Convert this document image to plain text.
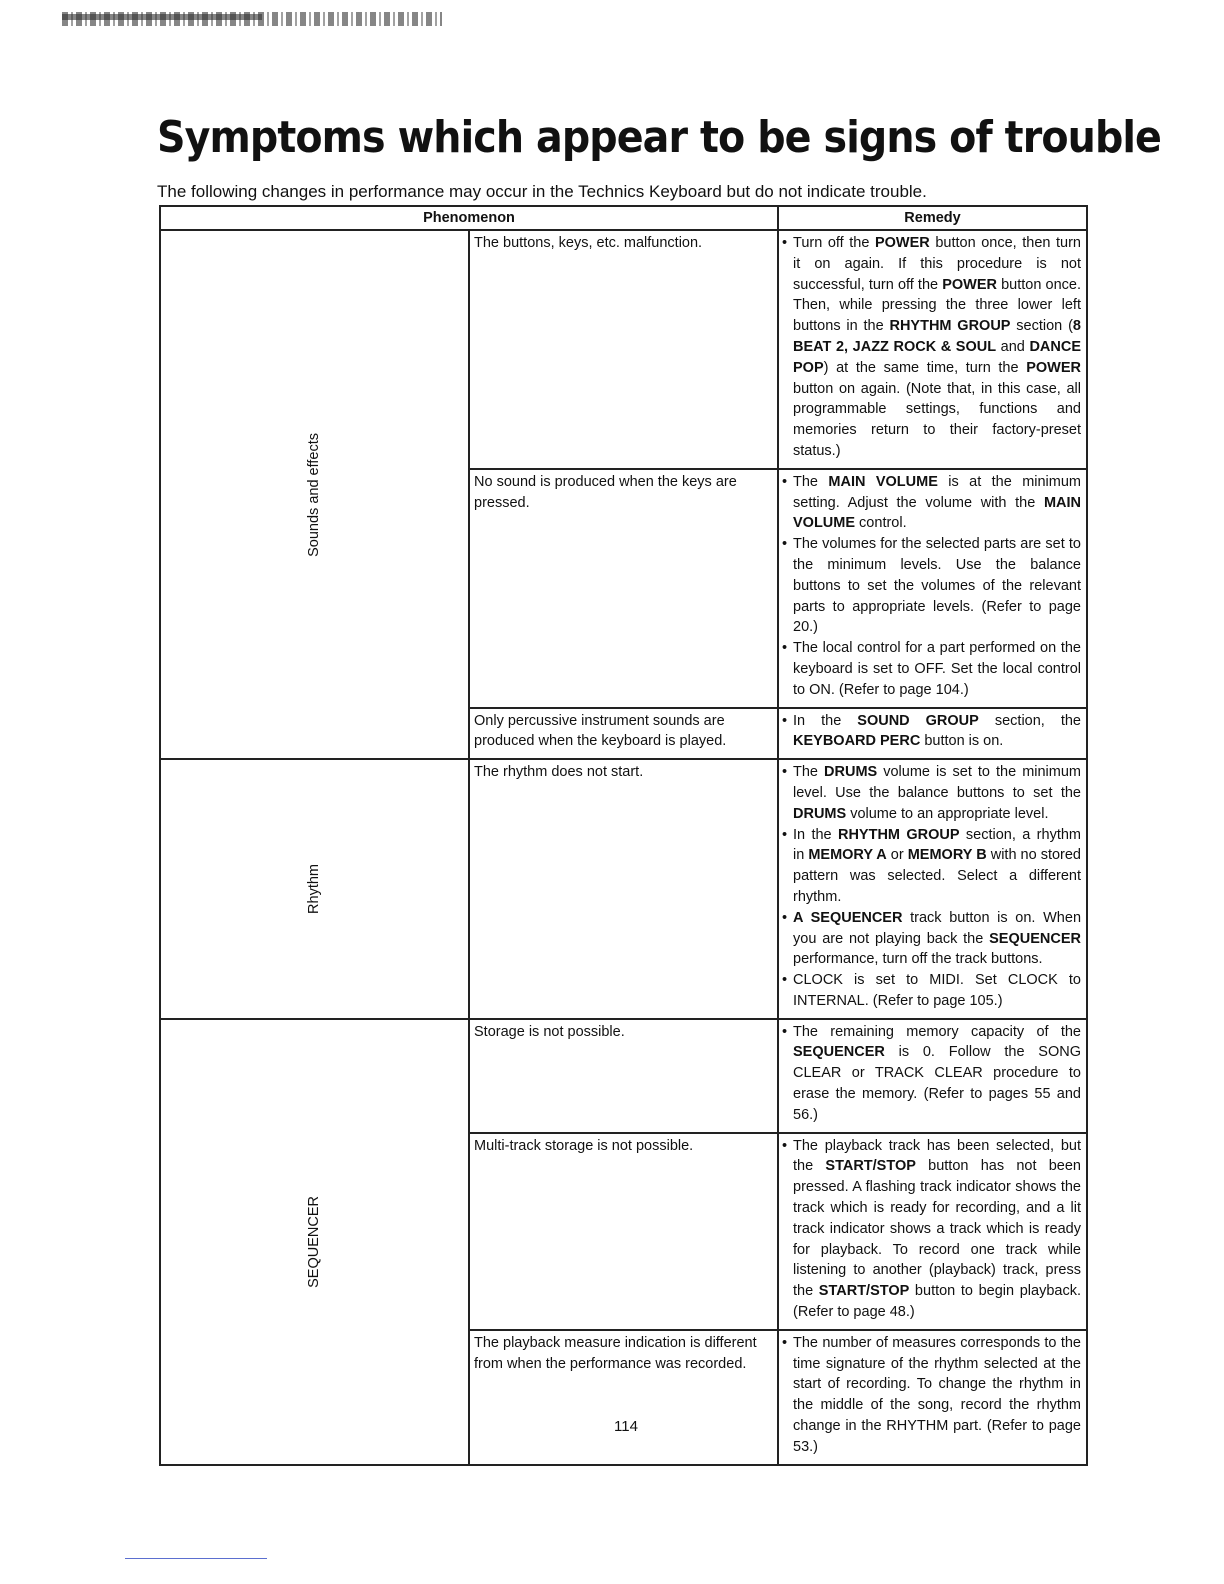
Symptoms which appear to be signs of trouble

The following changes in performance may occur in the Technics Keyboard but do not indicate trouble.

Phenomenon		Remedy

Sounds and effects	The buttons, keys, etc. malfunction.	• Turn off the POWER button once, then turn it on again. If this procedure is not successful, turn off the POWER button once. Then, while pressing the three lower left buttons in the RHYTHM GROUP section (8 BEAT 2, JAZZ ROCK & SOUL and DANCE POP) at the same time, turn the POWER button on again. (Note that, in this case, all programmable settings, functions and memories return to their factory-preset status.)

	No sound is produced when the keys are pressed.	• The MAIN VOLUME is at the minimum setting. Adjust the volume with the MAIN VOLUME control.
• The volumes for the selected parts are set to the minimum levels. Use the balance buttons to set the volumes of the relevant parts to appropriate levels. (Refer to page 20.)
• The local control for a part performed on the keyboard is set to OFF. Set the local control to ON. (Refer to page 104.)

	Only percussive instrument sounds are produced when the keyboard is played.	• In the SOUND GROUP section, the KEYBOARD PERC button is on.

Rhythm	The rhythm does not start.	• The DRUMS volume is set to the minimum level. Use the balance buttons to set the DRUMS volume to an appropriate level.
• In the RHYTHM GROUP section, a rhythm in MEMORY A or MEMORY B with no stored pattern was selected. Select a different rhythm.
• A SEQUENCER track button is on. When you are not playing back the SEQUENCER performance, turn off the track buttons.
• CLOCK is set to MIDI. Set CLOCK to INTERNAL. (Refer to page 105.)

SEQUENCER	Storage is not possible.	• The remaining memory capacity of the SEQUENCER is 0. Follow the SONG CLEAR or TRACK CLEAR procedure to erase the memory. (Refer to pages 55 and 56.)

	Multi-track storage is not possible.	• The playback track has been selected, but the START/STOP button has not been pressed. A flashing track indicator shows the track which is ready for recording, and a lit track indicator shows a track which is ready for playback. To record one track while listening to another (playback) track, press the START/STOP button to begin playback. (Refer to page 48.)

	The playback measure indication is different from when the performance was recorded.	• The number of measures corresponds to the time signature of the rhythm selected at the start of recording. To change the rhythm in the middle of the song, record the rhythm change in the RHYTHM part. (Refer to page 53.)
114
